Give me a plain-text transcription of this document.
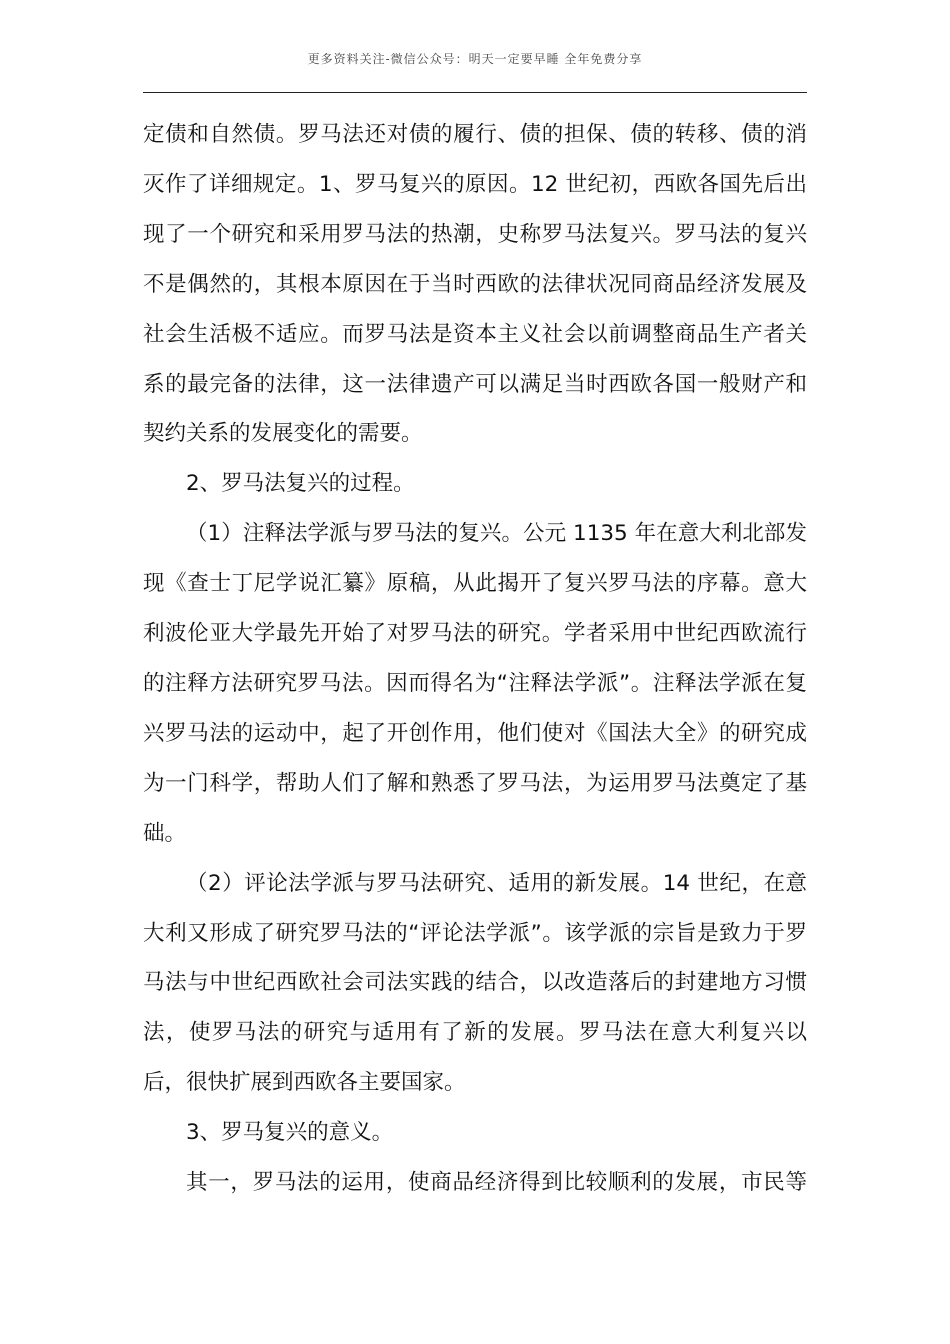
更多资料关注-微信公众号：明天一定要早睡 全年免费分享

定债和自然债。罗马法还对债的履行、债的担保、债的转移、债的消灭作了详细规定。1、罗马复兴的原因。12 世纪初，西欧各国先后出现了一个研究和采用罗马法的热潮，史称罗马法复兴。罗马法的复兴不是偶然的，其根本原因在于当时西欧的法律状况同商品经济发展及社会生活极不适应。而罗马法是资本主义社会以前调整商品生产者关系的最完备的法律，这一法律遗产可以满足当时西欧各国一般财产和契约关系的发展变化的需要。

2、罗马法复兴的过程。

（1）注释法学派与罗马法的复兴。公元 1135 年在意大利北部发现《查士丁尼学说汇纂》原稿，从此揭开了复兴罗马法的序幕。意大利波伦亚大学最先开始了对罗马法的研究。学者采用中世纪西欧流行的注释方法研究罗马法。因而得名为“注释法学派”。注释法学派在复兴罗马法的运动中，起了开创作用，他们使对《国法大全》的研究成为一门科学，帮助人们了解和熟悉了罗马法，为运用罗马法奠定了基础。

（2）评论法学派与罗马法研究、适用的新发展。14 世纪，在意大利又形成了研究罗马法的“评论法学派”。该学派的宗旨是致力于罗马法与中世纪西欧社会司法实践的结合，以改造落后的封建地方习惯法，使罗马法的研究与适用有了新的发展。罗马法在意大利复兴以后，很快扩展到西欧各主要国家。

3、罗马复兴的意义。

其一，罗马法的运用，使商品经济得到比较顺利的发展，市民等
